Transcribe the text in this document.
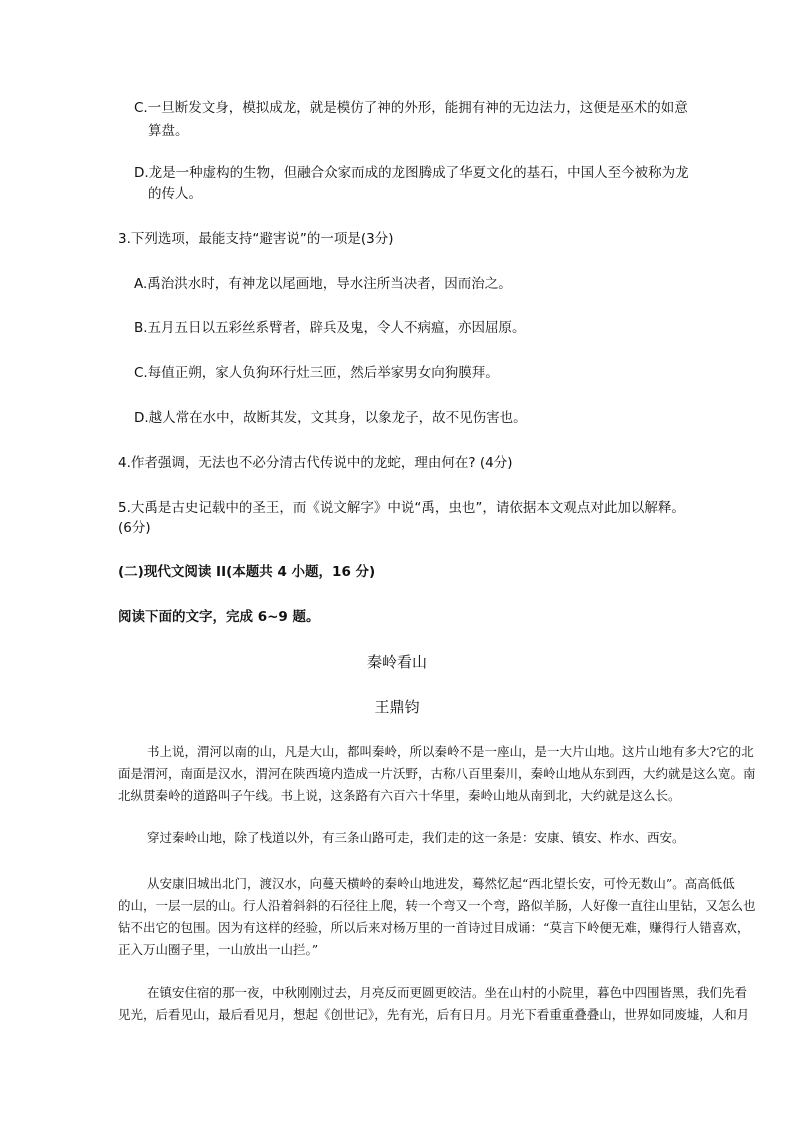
C.一旦断发文身，模拟成龙，就是模仿了神的外形，能拥有神的无边法力，这便是巫术的如意
算盘。
D.龙是一种虚构的生物，但融合众家而成的龙图腾成了华夏文化的基石，中国人至今被称为龙
的传人。
3.下列选项，最能支持“避害说”的一项是(3分)
A.禹治洪水时，有神龙以尾画地，导水注所当决者，因而治之。
B.五月五日以五彩丝系臂者，辟兵及鬼，令人不病瘟，亦因屈原。
C.每值正朔，家人负狗环行灶三匝，然后举家男女向狗膜拜。
D.越人常在水中，故断其发，文其身，以象龙子，故不见伤害也。
4.作者强调，无法也不必分清古代传说中的龙蛇，理由何在? (4分)
5.大禹是古史记载中的圣王，而《说文解字》中说“禹，虫也”，请依据本文观点对此加以解释。
(6分)
(二)现代文阅读 II(本题共 4 小题，16 分)
阅读下面的文字，完成 6~9 题。
秦岭看山
王鼎钧
书上说，渭河以南的山，凡是大山，都叫秦岭，所以秦岭不是一座山，是一大片山地。这片山地有多大?它的北
面是渭河，南面是汉水，渭河在陕西境内造成一片沃野，古称八百里秦川，秦岭山地从东到西，大约就是这么宽。南
北纵贯秦岭的道路叫子午线。书上说，这条路有六百六十华里，秦岭山地从南到北，大约就是这么长。
穿过秦岭山地，除了栈道以外，有三条山路可走，我们走的这一条是：安康、镇安、柞水、西安。
从安康旧城出北门，渡汉水，向蔓天横岭的秦岭山地进发，蓦然忆起“西北望长安，可怜无数山”。高高低低
的山，一层一层的山。行人沿着斜斜的石径往上爬，转一个弯又一个弯，路似羊肠，人好像一直往山里钻，又怎么也
钻不出它的包围。因为有这样的经验，所以后来对杨万里的一首诗过目成诵：“莫言下岭便无难，赚得行人错喜欢，
正入万山圈子里，一山放出一山拦。”
在镇安住宿的那一夜，中秋刚刚过去，月亮反而更圆更皎洁。坐在山村的小院里，暮色中四围皆黑，我们先看
见光，后看见山，最后看见月，想起《创世记》，先有光，后有日月。月光下看重重叠叠山，世界如同废墟，人和月
